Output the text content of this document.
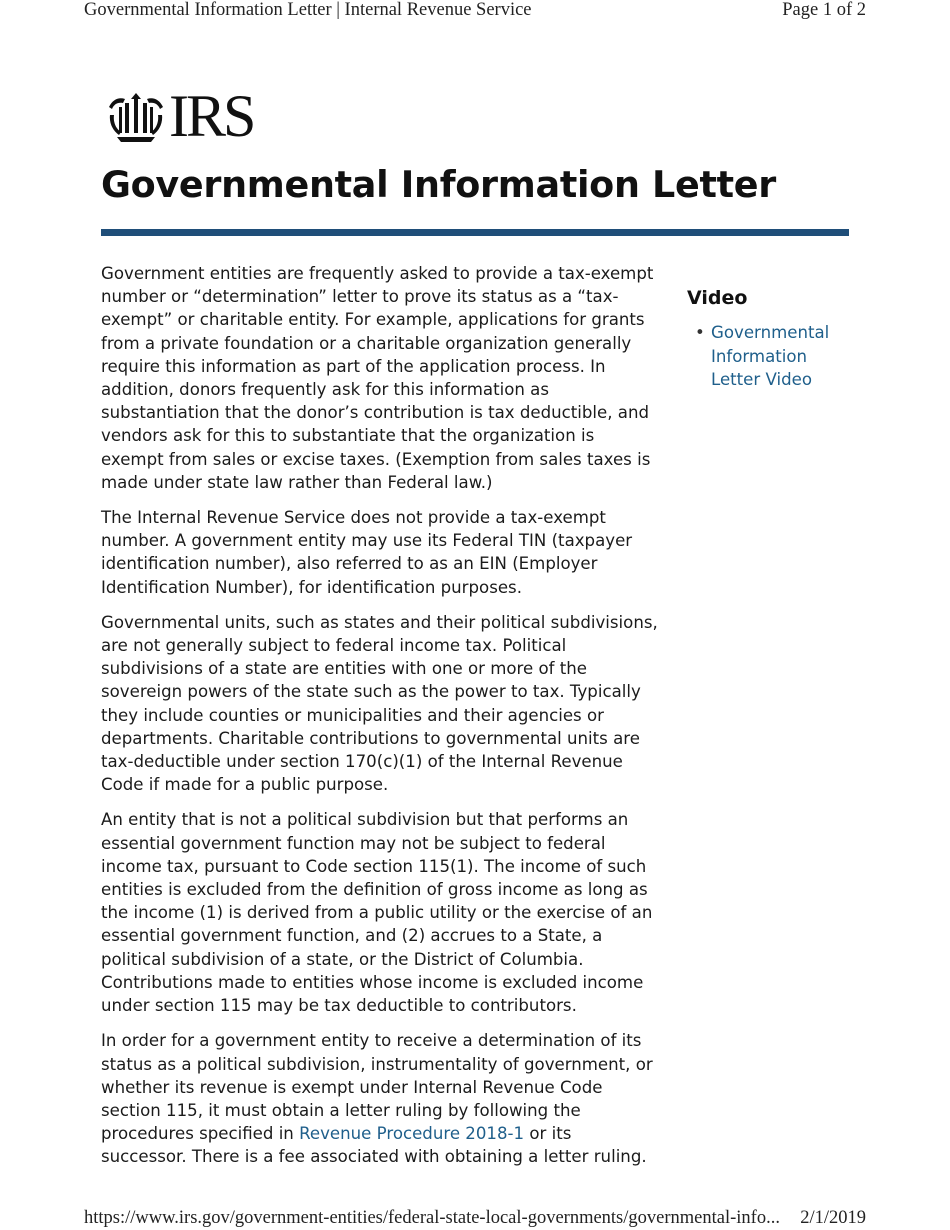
Governmental Information Letter | Internal Revenue Service	Page 1 of 2
IRS
Governmental Information Letter

Government entities are frequently asked to provide a tax-exempt number or “determination” letter to prove its status as a “tax-exempt” or charitable entity. For example, applications for grants from a private foundation or a charitable organization generally require this information as part of the application process. In addition, donors frequently ask for this information as substantiation that the donor’s contribution is tax deductible, and vendors ask for this to substantiate that the organization is exempt from sales or excise taxes. (Exemption from sales taxes is made under state law rather than Federal law.)

The Internal Revenue Service does not provide a tax-exempt number. A government entity may use its Federal TIN (taxpayer identification number), also referred to as an EIN (Employer Identification Number), for identification purposes.

Governmental units, such as states and their political subdivisions, are not generally subject to federal income tax. Political subdivisions of a state are entities with one or more of the sovereign powers of the state such as the power to tax. Typically they include counties or municipalities and their agencies or departments. Charitable contributions to governmental units are tax-deductible under section 170(c)(1) of the Internal Revenue Code if made for a public purpose.

An entity that is not a political subdivision but that performs an essential government function may not be subject to federal income tax, pursuant to Code section 115(1). The income of such entities is excluded from the definition of gross income as long as the income (1) is derived from a public utility or the exercise of an essential government function, and (2) accrues to a State, a political subdivision of a state, or the District of Columbia. Contributions made to entities whose income is excluded income under section 115 may be tax deductible to contributors.

In order for a government entity to receive a determination of its status as a political subdivision, instrumentality of government, or whether its revenue is exempt under Internal Revenue Code section 115, it must obtain a letter ruling by following the procedures specified in Revenue Procedure 2018-1 or its successor. There is a fee associated with obtaining a letter ruling.

Video
• Governmental Information Letter Video
https://www.irs.gov/government-entities/federal-state-local-governments/governmental-info... 2/1/2019
